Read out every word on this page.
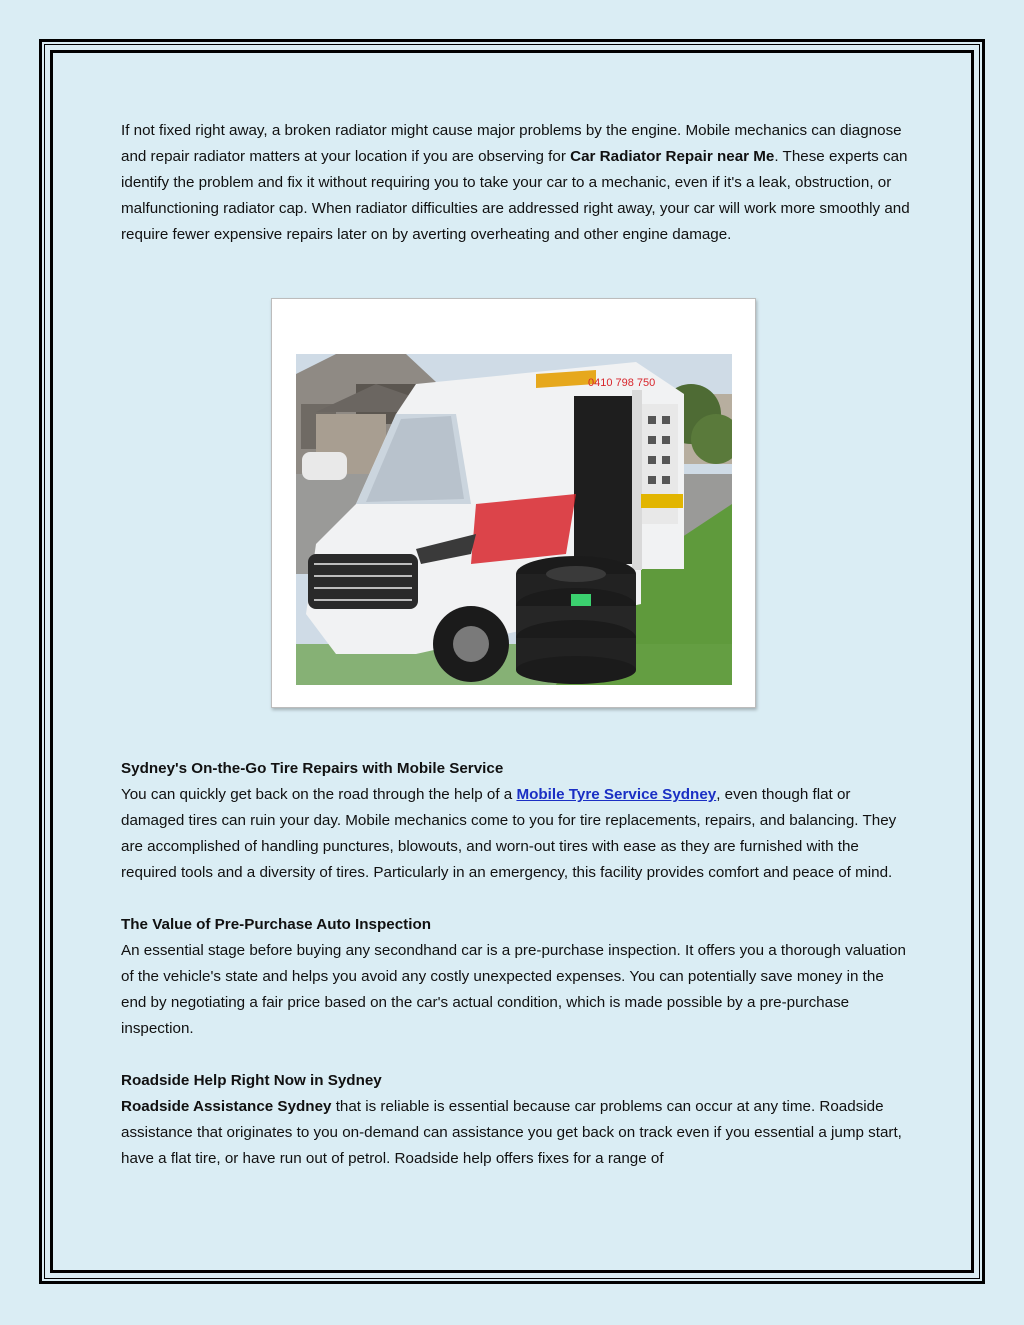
If not fixed right away, a broken radiator might cause major problems by the engine. Mobile mechanics can diagnose and repair radiator matters at your location if you are observing for Car Radiator Repair near Me. These experts can identify the problem and fix it without requiring you to take your car to a mechanic, even if it's a leak, obstruction, or malfunctioning radiator cap. When radiator difficulties are addressed right away, your car will work more smoothly and require fewer expensive repairs later on by averting overheating and other engine damage.

0410 798 750

Sydney's On-the-Go Tire Repairs with Mobile Service

You can quickly get back on the road through the help of a Mobile Tyre Service Sydney, even though flat or damaged tires can ruin your day. Mobile mechanics come to you for tire replacements, repairs, and balancing. They are accomplished of handling punctures, blowouts, and worn-out tires with ease as they are furnished with the required tools and a diversity of tires. Particularly in an emergency, this facility provides comfort and peace of mind.

The Value of Pre-Purchase Auto Inspection

An essential stage before buying any secondhand car is a pre-purchase inspection. It offers you a thorough valuation of the vehicle's state and helps you avoid any costly unexpected expenses. You can potentially save money in the end by negotiating a fair price based on the car's actual condition, which is made possible by a pre-purchase inspection.

Roadside Help Right Now in Sydney

Roadside Assistance Sydney that is reliable is essential because car problems can occur at any time. Roadside assistance that originates to you on-demand can assistance you get back on track even if you essential a jump start, have a flat tire, or have run out of petrol. Roadside help offers fixes for a range of
